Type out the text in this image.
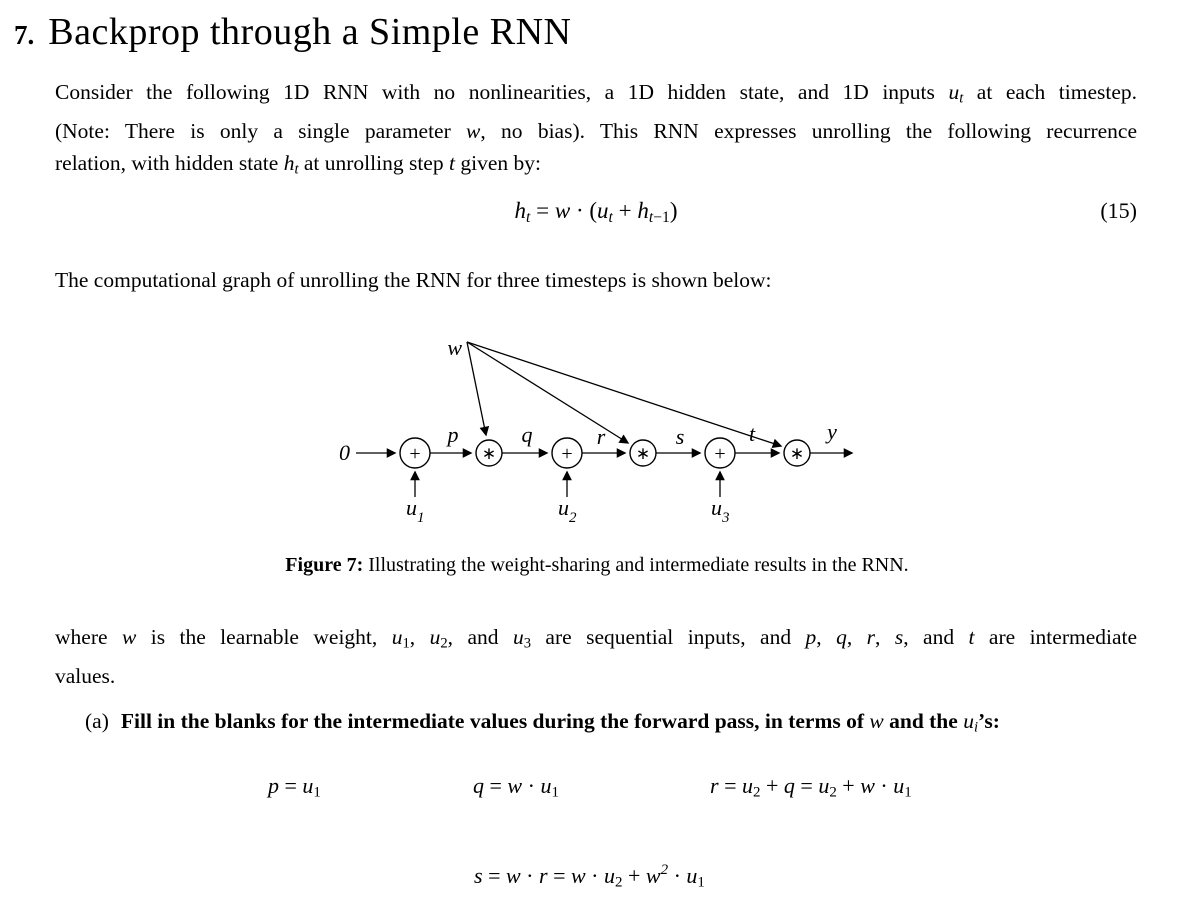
7. Backprop through a Simple RNN
Consider the following 1D RNN with no nonlinearities, a 1D hidden state, and 1D inputs ut at each timestep.
(Note: There is only a single parameter w, no bias). This RNN expresses unrolling the following recurrence
relation, with hidden state ht at unrolling step t given by:
ht = w · (ut + ht−1)	(15)
The computational graph of unrolling the RNN for three timesteps is shown below:
w
0	+
p
∗
q
+
r
∗
s
+
t
∗
y
$u_1$	$u_2$	$u_3$
Figure 7: Illustrating the weight-sharing and intermediate results in the RNN.
where w is the learnable weight, u1, u2, and u3 are sequential inputs, and p, q, r, s, and t are intermediate
values.
(a) Fill in the blanks for the intermediate values during the forward pass, in terms of w and the ui’s:
p = u1	q = w · u1	r = u2 + q = u2 + w · u1
$s = w \cdot r = w \cdot u2 + w^2 \cdot u1$
